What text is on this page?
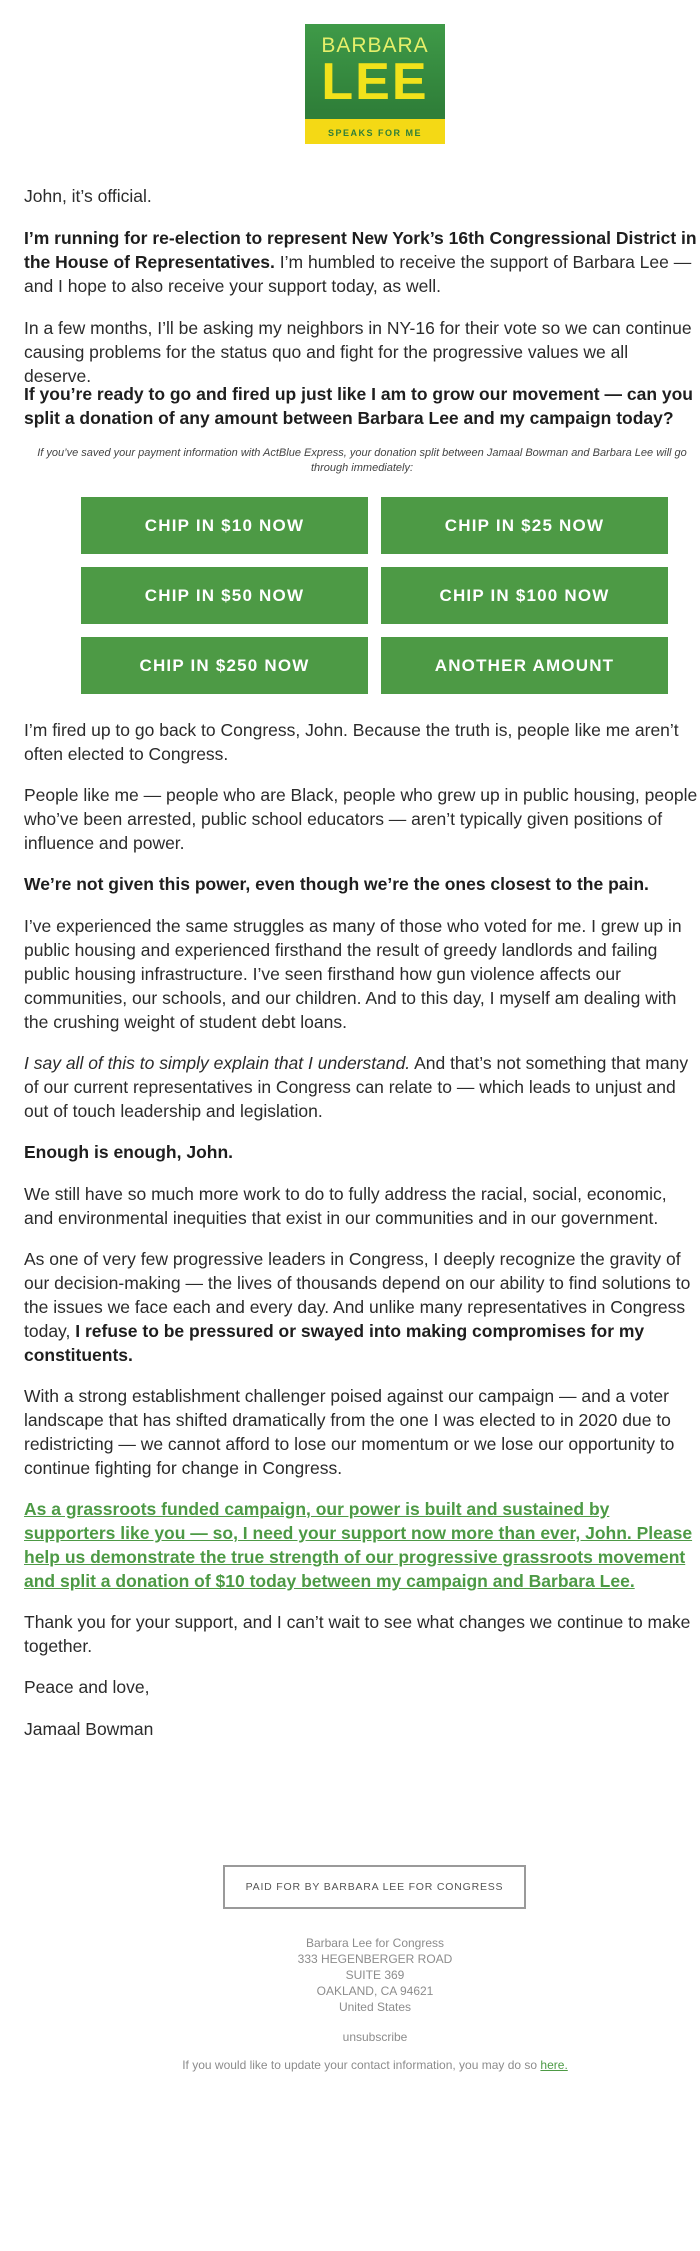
BARBARA
LEE
SPEAKS FOR ME
John, it’s official.
I’m running for re-election to represent New York’s 16th Congressional District in the House of Representatives. I’m humbled to receive the support of Barbara Lee — and I hope to also receive your support today, as well.
In a few months, I’ll be asking my neighbors in NY-16 for their vote so we can continue causing problems for the status quo and fight for the progressive values we all deserve.
If you’re ready to go and fired up just like I am to grow our movement — can you split a donation of any amount between Barbara Lee and my campaign today?
If you’ve saved your payment information with ActBlue Express, your donation split between Jamaal Bowman and Barbara Lee will go through immediately:
CHIP IN $10 NOW	CHIP IN $25 NOW
CHIP IN $50 NOW	CHIP IN $100 NOW
CHIP IN $250 NOW	ANOTHER AMOUNT
I’m fired up to go back to Congress, John. Because the truth is, people like me aren’t often elected to Congress.
People like me — people who are Black, people who grew up in public housing, people who’ve been arrested, public school educators — aren’t typically given positions of influence and power.
We’re not given this power, even though we’re the ones closest to the pain.
I’ve experienced the same struggles as many of those who voted for me. I grew up in public housing and experienced firsthand the result of greedy landlords and failing public housing infrastructure. I’ve seen firsthand how gun violence affects our communities, our schools, and our children. And to this day, I myself am dealing with the crushing weight of student debt loans.
I say all of this to simply explain that I understand. And that’s not something that many of our current representatives in Congress can relate to — which leads to unjust and out of touch leadership and legislation.
Enough is enough, John.
We still have so much more work to do to fully address the racial, social, economic, and environmental inequities that exist in our communities and in our government.
As one of very few progressive leaders in Congress, I deeply recognize the gravity of our decision-making — the lives of thousands depend on our ability to find solutions to the issues we face each and every day. And unlike many representatives in Congress today, I refuse to be pressured or swayed into making compromises for my constituents.
With a strong establishment challenger poised against our campaign — and a voter landscape that has shifted dramatically from the one I was elected to in 2020 due to redistricting — we cannot afford to lose our momentum or we lose our opportunity to continue fighting for change in Congress.
As a grassroots funded campaign, our power is built and sustained by supporters like you — so, I need your support now more than ever, John. Please help us demonstrate the true strength of our progressive grassroots movement and split a donation of $10 today between my campaign and Barbara Lee.
Thank you for your support, and I can’t wait to see what changes we continue to make together.
Peace and love,
Jamaal Bowman
PAID FOR BY BARBARA LEE FOR CONGRESS
Barbara Lee for Congress
333 HEGENBERGER ROAD
SUITE 369
OAKLAND, CA 94621
United States
unsubscribe
If you would like to update your contact information, you may do so here.
